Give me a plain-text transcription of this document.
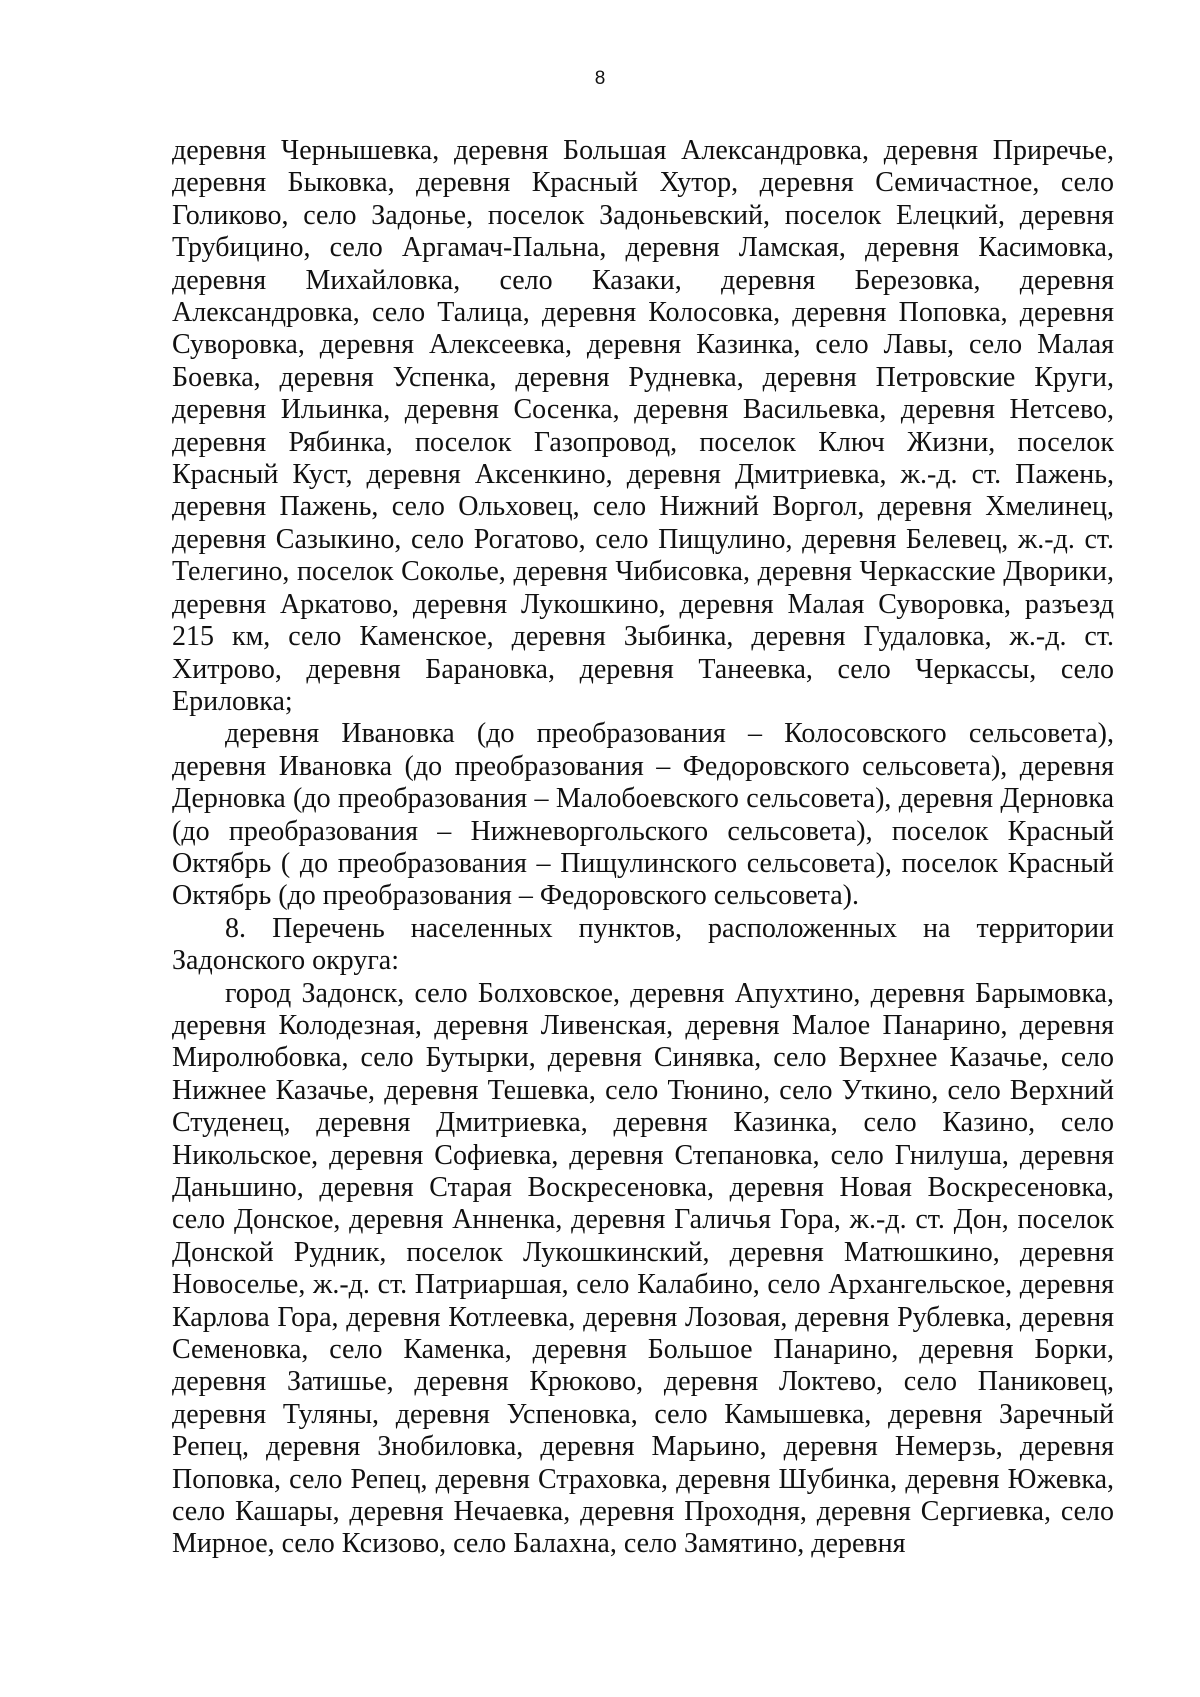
8

деревня Чернышевка, деревня Большая Александровка, деревня Приречье, деревня Быковка, деревня Красный Хутор, деревня Семичастное, село Голиково, село Задонье, поселок Задоньевский, поселок Елецкий, деревня Трубицино, село Аргамач-Пальна, деревня Ламская, деревня Касимовка, деревня Михайловка, село Казаки, деревня Березовка, деревня Александровка, село Талица, деревня Колосовка, деревня Поповка, деревня Суворовка, деревня Алексеевка, деревня Казинка, село Лавы, село Малая Боевка, деревня Успенка, деревня Рудневка, деревня Петровские Круги, деревня Ильинка, деревня Сосенка, деревня Васильевка, деревня Нетсево, деревня Рябинка, поселок Газопровод, поселок Ключ Жизни, поселок Красный Куст, деревня Аксенкино, деревня Дмитриевка, ж.-д. ст. Пажень, деревня Пажень, село Ольховец, село Нижний Воргол, деревня Хмелинец, деревня Сазыкино, село Рогатово, село Пищулино, деревня Белевец, ж.-д. ст. Телегино, поселок Соколье, деревня Чибисовка, деревня Черкасские Дворики, деревня Аркатово, деревня Лукошкино, деревня Малая Суворовка, разъезд 215 км, село Каменское, деревня Зыбинка, деревня Гудаловка, ж.-д. ст. Хитрово, деревня Барановка, деревня Танеевка, село Черкассы, село Ериловка;

деревня Ивановка (до преобразования – Колосовского сельсовета), деревня Ивановка (до преобразования – Федоровского сельсовета), деревня Дерновка (до преобразования – Малобоевского сельсовета), деревня Дерновка (до преобразования – Нижневоргольского сельсовета), поселок Красный Октябрь ( до преобразования – Пищулинского сельсовета), поселок Красный Октябрь (до преобразования – Федоровского сельсовета).

8. Перечень населенных пунктов, расположенных на территории Задонского округа:

город Задонск, село Болховское, деревня Апухтино, деревня Барымовка, деревня Колодезная, деревня Ливенская, деревня Малое Панарино, деревня Миролюбовка, село Бутырки, деревня Синявка, село Верхнее Казачье, село Нижнее Казачье, деревня Тешевка, село Тюнино, село Уткино, село Верхний Студенец, деревня Дмитриевка, деревня Казинка, село Казино, село Никольское, деревня Софиевка, деревня Степановка, село Гнилуша, деревня Даньшино, деревня Старая Воскресеновка, деревня Новая Воскресеновка, село Донское, деревня Анненка, деревня Галичья Гора, ж.-д. ст. Дон, поселок Донской Рудник, поселок Лукошкинский, деревня Матюшкино, деревня Новоселье, ж.-д. ст. Патриаршая, село Калабино, село Архангельское, деревня Карлова Гора, деревня Котлеевка, деревня Лозовая, деревня Рублевка, деревня Семеновка, село Каменка, деревня Большое Панарино, деревня Борки, деревня Затишье, деревня Крюково, деревня Локтево, село Паниковец, деревня Туляны, деревня Успеновка, село Камышевка, деревня Заречный Репец, деревня Знобиловка, деревня Марьино, деревня Немерзь, деревня Поповка, село Репец, деревня Страховка, деревня Шубинка, деревня Южевка, село Кашары, деревня Нечаевка, деревня Проходня, деревня Сергиевка, село Мирное, село Ксизово, село Балахна, село Замятино, деревня
